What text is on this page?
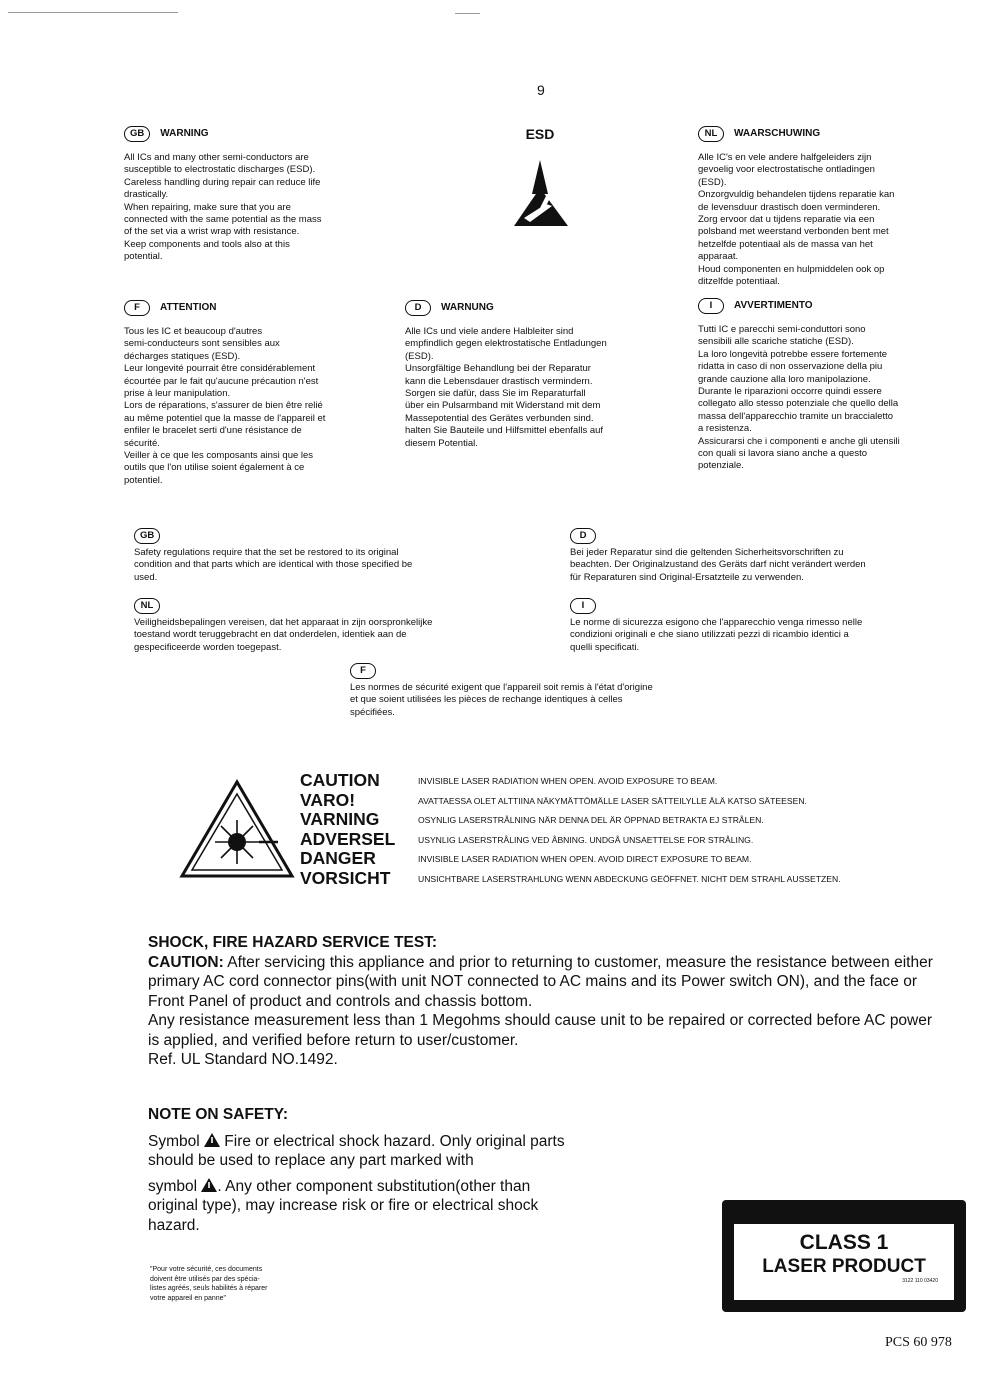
9
GB	WARNING
All ICs and many other semi-conductors are
susceptible to electrostatic discharges (ESD).
Careless handling during repair can reduce life
drastically.
When repairing, make sure that you are
connected with the same potential as the mass
of the set via a wrist wrap with resistance.
Keep components and tools also at this
potential.
ESD	NL	WAARSCHUWING
Alle IC's en vele andere halfgeleiders zijn
gevoelig voor electrostatische ontladingen
(ESD).
Onzorgvuldig behandelen tijdens reparatie kan
de levensduur drastisch doen verminderen.
Zorg ervoor dat u tijdens reparatie via een
polsband met weerstand verbonden bent met
hetzelfde potentiaal als de massa van het
apparaat.
Houd componenten en hulpmiddelen ook op
ditzelfde potentiaal.
F	ATTENTION
Tous les IC et beaucoup d'autres
semi-conducteurs sont sensibles aux
décharges statiques (ESD).
Leur longevité pourrait être considérablement
écourtée par le fait qu'aucune précaution n'est
prise à leur manipulation.
Lors de réparations, s'assurer de bien être relié
au même potentiel que la masse de l'appareil et
enfiler le bracelet serti d'une résistance de
sécurité.
Veiller à ce que les composants ainsi que les
outils que l'on utilise soient également à ce
potentiel.
D	WARNUNG
Alle ICs und viele andere Halbleiter sind
empfindlich gegen elektrostatische Entladungen
(ESD).
Unsorgfältige Behandlung bei der Reparatur
kann die Lebensdauer drastisch vermindern.
Sorgen sie dafür, dass Sie im Reparaturfall
über ein Pulsarmband mit Widerstand mit dem
Massepotential des Gerätes verbunden sind.
halten Sie Bauteile und Hilfsmittel ebenfalls auf
diesem Potential.
I	AVVERTIMENTO
Tutti IC e parecchi semi-conduttori sono
sensibili alle scariche statiche (ESD).
La loro longevità potrebbe essere fortemente
ridatta in caso di non osservazione della piu
grande cauzione alla loro manipolazione.
Durante le riparazioni occorre quindi essere
collegato allo stesso potenziale che quello della
massa dell'apparecchio tramite un braccialetto
a resistenza.
Assicurarsi che i componenti e anche gli utensili
con quali si lavora siano anche a questo
potenziale.
GB
Safety regulations require that the set be restored to its original
condition and that parts which are identical with those specified be
used.
D
Bei jeder Reparatur sind die geltenden Sicherheitsvorschriften zu
beachten. Der Originalzustand des Geräts darf nicht verändert werden
für Reparaturen sind Original-Ersatzteile zu verwenden.
NL
Veiligheidsbepalingen vereisen, dat het apparaat in zijn oorspronkelijke
toestand wordt teruggebracht en dat onderdelen, identiek aan de
gespecificeerde worden toegepast.
I
Le norme di sicurezza esigono che l'apparecchio venga rimesso nelle
condizioni originali e che siano utilizzati pezzi di ricambio identici a
quelli specificati.
F
Les normes de sécurité exigent que l'appareil soit remis à l'état d'origine
et que soient utilisées les pièces de rechange identiques à celles
spécifiées.
CAUTION
VARO!
VARNING
ADVERSEL
DANGER
VORSICHT
INVISIBLE LASER RADIATION WHEN OPEN. AVOID EXPOSURE TO BEAM.
AVATTAESSA OLET ALTTIINA NÄKYMÄTTÖMÄLLE LASER SÄTTEILYLLE ÄLÄ KATSO SÄTEESEN.
OSYNLIG LASERSTRÅLNING NÄR DENNA DEL ÄR ÖPPNAD BETRAKTA EJ STRÅLEN.
USYNLIG LASERSTRÅLING VED ÅBNING. UNDGÅ UNSAETTELSE FOR STRÅLING.
INVISIBLE LASER RADIATION WHEN OPEN. AVOID DIRECT EXPOSURE TO BEAM.
UNSICHTBARE LASERSTRAHLUNG WENN ABDECKUNG GEÖFFNET. NICHT DEM STRAHL AUSSETZEN.
SHOCK, FIRE HAZARD SERVICE TEST:
CAUTION: After servicing this appliance and prior to returning to customer, measure the resistance between either primary AC cord connector pins(with unit NOT connected to AC mains and its Power switch ON), and the face or Front Panel of product and controls and chassis bottom.
Any resistance measurement less than 1 Megohms should cause unit to be repaired or corrected before AC power is applied, and verified before return to user/customer.
Ref. UL Standard NO.1492.
NOTE ON SAFETY:
Symbol  Fire or electrical shock hazard. Only original parts should be used to replace any part marked with
symbol . Any other component substitution(other than original type), may increase risk or fire or electrical shock hazard.
"Pour votre sécurité, ces documents
doivent être utilisés par des spécia-
listes agréés, seuls habilités à réparer
votre appareil en panne"
CLASS 1
LASER PRODUCT
3122 110 03420
PCS 60 978
